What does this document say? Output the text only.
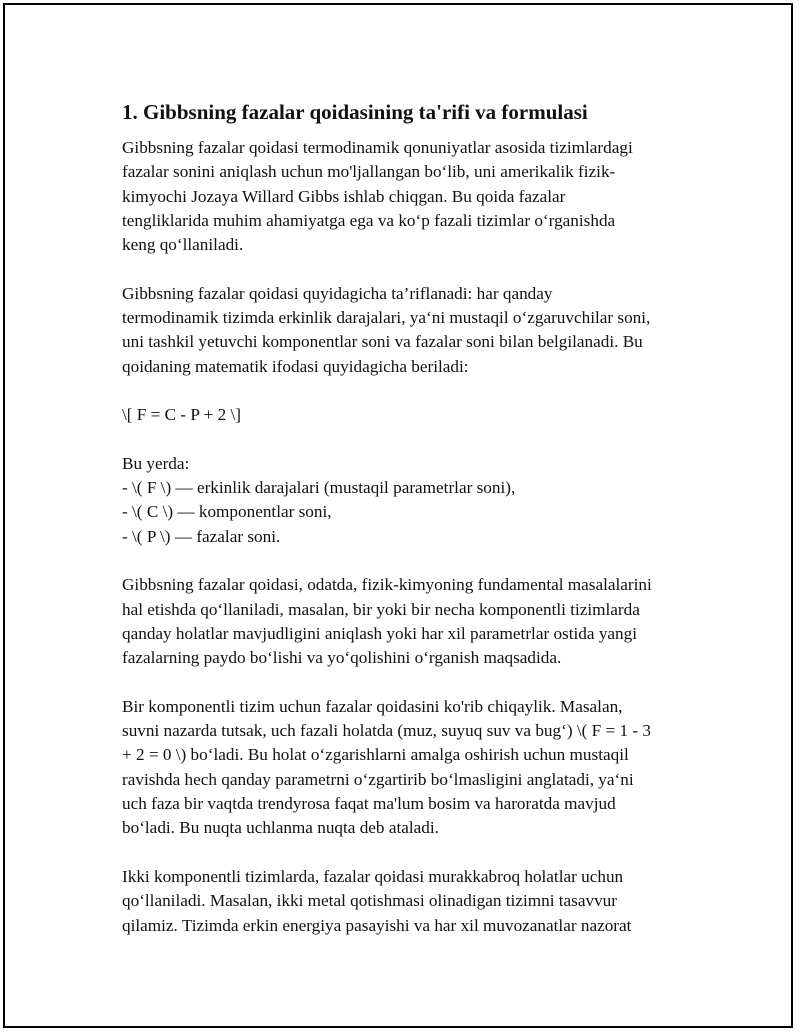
1. Gibbsning fazalar qoidasining ta'rifi va formulasi

Gibbsning fazalar qoidasi termodinamik qonuniyatlar asosida tizimlardagi
fazalar sonini aniqlash uchun mo'ljallangan bo‘lib, uni amerikalik fizik-
kimyochi Jozaya Willard Gibbs ishlab chiqgan. Bu qoida fazalar
tengliklarida muhim ahamiyatga ega va ko‘p fazali tizimlar o‘rganishda
keng qo‘llaniladi.

Gibbsning fazalar qoidasi quyidagicha ta’riflanadi: har qanday
termodinamik tizimda erkinlik darajalari, ya‘ni mustaqil o‘zgaruvchilar soni,
uni tashkil yetuvchi komponentlar soni va fazalar soni bilan belgilanadi. Bu
qoidaning matematik ifodasi quyidagicha beriladi:

\[ F = C - P + 2 \]

Bu yerda:
- \( F \) — erkinlik darajalari (mustaqil parametrlar soni),
- \( C \) — komponentlar soni,
- \( P \) — fazalar soni.

Gibbsning fazalar qoidasi, odatda, fizik-kimyoning fundamental masalalarini
hal etishda qo‘llaniladi, masalan, bir yoki bir necha komponentli tizimlarda
qanday holatlar mavjudligini aniqlash yoki har xil parametrlar ostida yangi
fazalarning paydo bo‘lishi va yo‘qolishini o‘rganish maqsadida.

Bir komponentli tizim uchun fazalar qoidasini ko'rib chiqaylik. Masalan,
suvni nazarda tutsak, uch fazali holatda (muz, suyuq suv va bug‘) \( F = 1 - 3
+ 2 = 0 \) bo‘ladi. Bu holat o‘zgarishlarni amalga oshirish uchun mustaqil
ravishda hech qanday parametrni o‘zgartirib bo‘lmasligini anglatadi, ya‘ni
uch faza bir vaqtda trendyrosa faqat ma'lum bosim va haroratda mavjud
bo‘ladi. Bu nuqta uchlanma nuqta deb ataladi.

Ikki komponentli tizimlarda, fazalar qoidasi murakkabroq holatlar uchun
qo‘llaniladi. Masalan, ikki metal qotishmasi olinadigan tizimni tasavvur
qilamiz. Tizimda erkin energiya pasayishi va har xil muvozanatlar nazorat
